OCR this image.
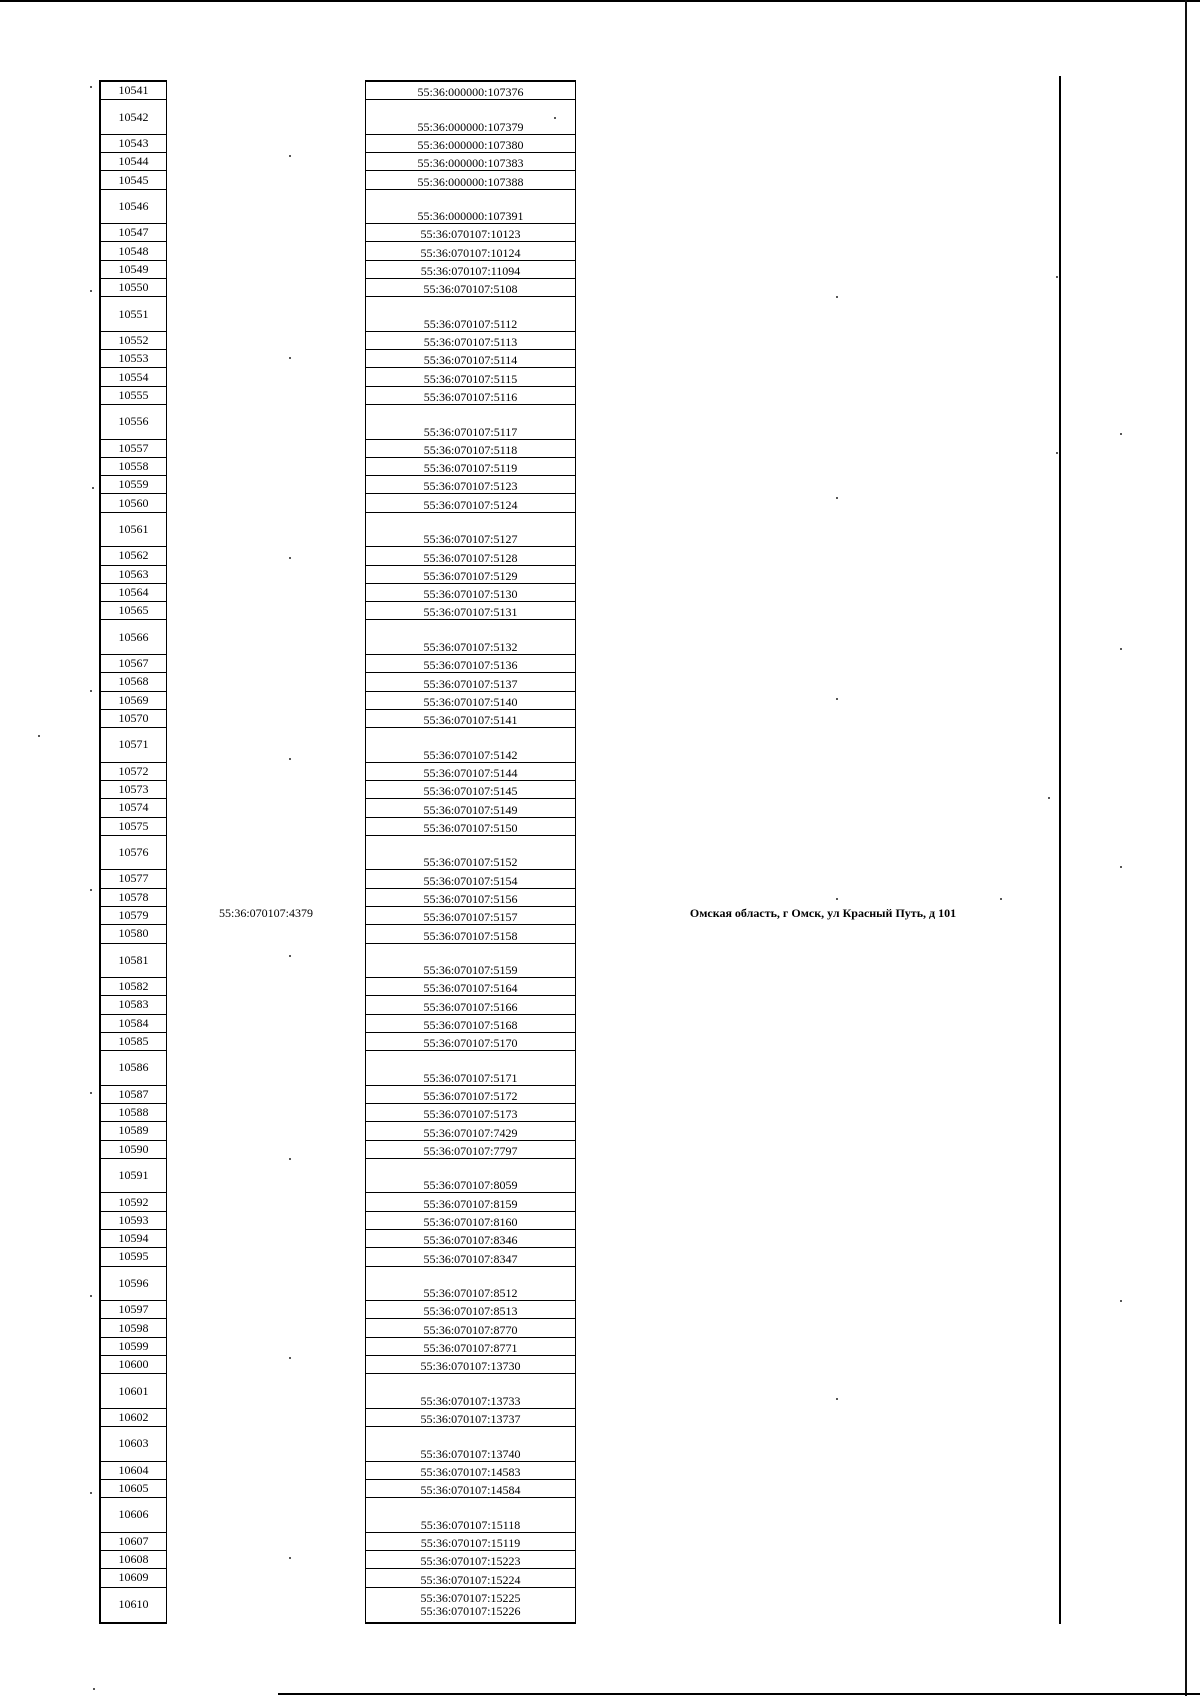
10541
10542
10543
10544
10545
10546
10547
10548
10549
10550
10551
10552
10553
10554
10555
10556
10557
10558
10559
10560
10561
10562
10563
10564
10565
10566
10567
10568
10569
10570
10571
10572
10573
10574
10575
10576
10577
10578
10579
10580
10581
10582
10583
10584
10585
10586
10587
10588
10589
10590
10591
10592
10593
10594
10595
10596
10597
10598
10599
10600
10601
10602
10603
10604
10605
10606
10607
10608
10609
10610
55:36:000000:107376
55:36:000000:107379
55:36:000000:107380
55:36:000000:107383
55:36:000000:107388
55:36:000000:107391
55:36:070107:10123
55:36:070107:10124
55:36:070107:11094
55:36:070107:5108
55:36:070107:5112
55:36:070107:5113
55:36:070107:5114
55:36:070107:5115
55:36:070107:5116
55:36:070107:5117
55:36:070107:5118
55:36:070107:5119
55:36:070107:5123
55:36:070107:5124
55:36:070107:5127
55:36:070107:5128
55:36:070107:5129
55:36:070107:5130
55:36:070107:5131
55:36:070107:5132
55:36:070107:5136
55:36:070107:5137
55:36:070107:5140
55:36:070107:5141
55:36:070107:5142
55:36:070107:5144
55:36:070107:5145
55:36:070107:5149
55:36:070107:5150
55:36:070107:5152
55:36:070107:5154
55:36:070107:5156
55:36:070107:5157
55:36:070107:5158
55:36:070107:5159
55:36:070107:5164
55:36:070107:5166
55:36:070107:5168
55:36:070107:5170
55:36:070107:5171
55:36:070107:5172
55:36:070107:5173
55:36:070107:7429
55:36:070107:7797
55:36:070107:8059
55:36:070107:8159
55:36:070107:8160
55:36:070107:8346
55:36:070107:8347
55:36:070107:8512
55:36:070107:8513
55:36:070107:8770
55:36:070107:8771
55:36:070107:13730
55:36:070107:13733
55:36:070107:13737
55:36:070107:13740
55:36:070107:14583
55:36:070107:14584
55:36:070107:15118
55:36:070107:15119
55:36:070107:15223
55:36:070107:15224
55:36:070107:15225
55:36:070107:15226
55:36:070107:4379	Омская область, г Омск, ул Красный Путь, д 101
